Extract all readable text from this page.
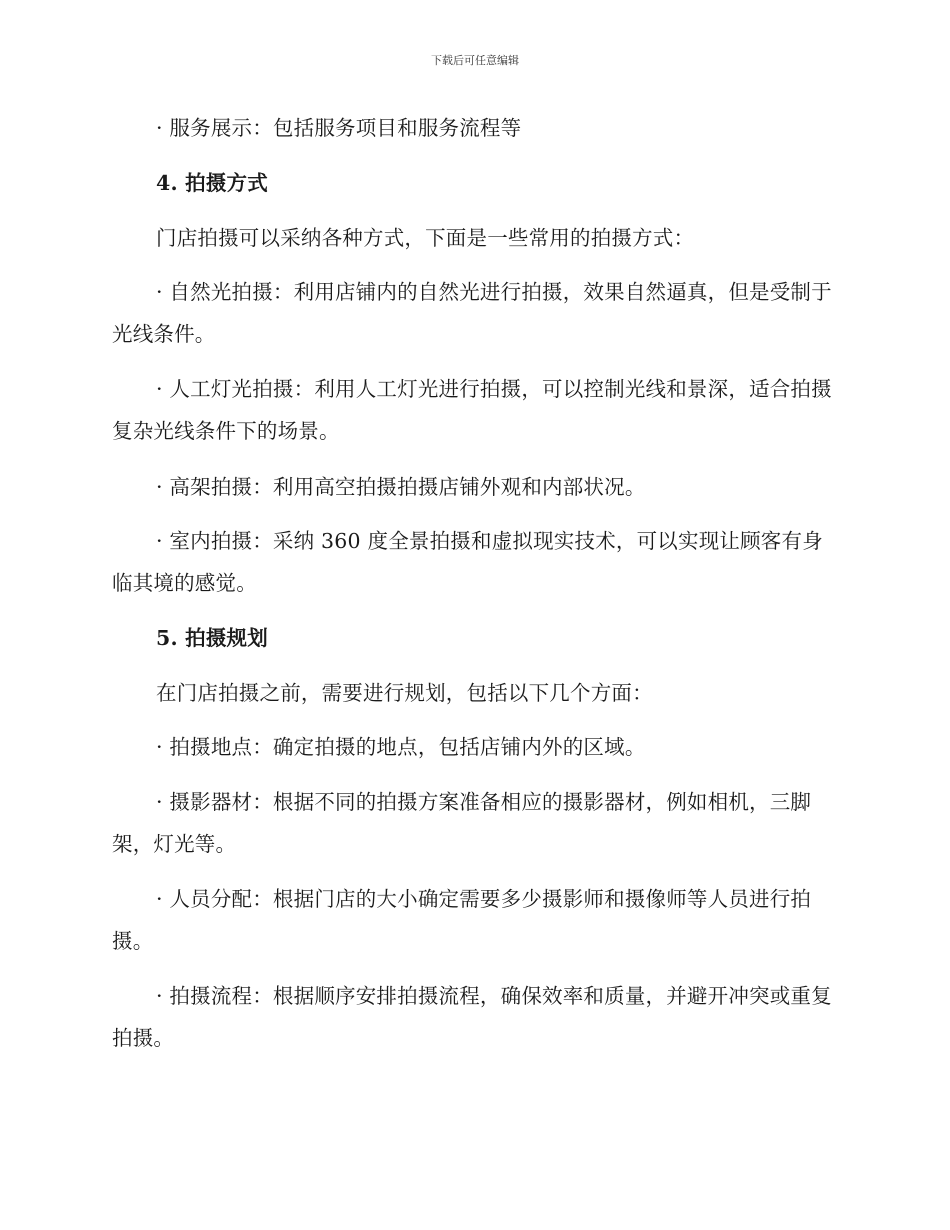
下载后可任意编辑
· 服务展示：包括服务项目和服务流程等
4. 拍摄方式
门店拍摄可以采纳各种方式，下面是一些常用的拍摄方式：
· 自然光拍摄：利用店铺内的自然光进行拍摄，效果自然逼真，但是受制于光线条件。
· 人工灯光拍摄：利用人工灯光进行拍摄，可以控制光线和景深，适合拍摄复杂光线条件下的场景。
· 高架拍摄：利用高空拍摄拍摄店铺外观和内部状况。
· 室内拍摄：采纳 360 度全景拍摄和虚拟现实技术，可以实现让顾客有身临其境的感觉。
5. 拍摄规划
在门店拍摄之前，需要进行规划，包括以下几个方面：
· 拍摄地点：确定拍摄的地点，包括店铺内外的区域。
· 摄影器材：根据不同的拍摄方案准备相应的摄影器材，例如相机，三脚架，灯光等。
· 人员分配：根据门店的大小确定需要多少摄影师和摄像师等人员进行拍摄。
· 拍摄流程：根据顺序安排拍摄流程，确保效率和质量，并避开冲突或重复拍摄。
